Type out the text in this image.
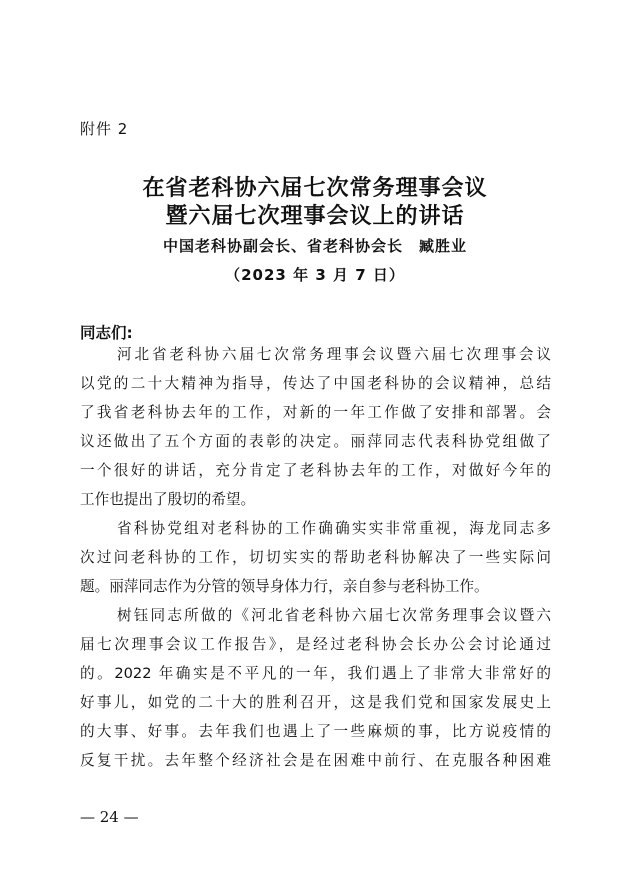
附件 2
在省老科协六届七次常务理事会议
暨六届七次理事会议上的讲话
中国老科协副会长、省老科协会长　臧胜业
（2023 年 3 月 7 日）
同志们:
河北省老科协六届七次常务理事会议暨六届七次理事会议
以党的二十大精神为指导，传达了中国老科协的会议精神，总结
了我省老科协去年的工作，对新的一年工作做了安排和部署。会
议还做出了五个方面的表彰的决定。丽萍同志代表科协党组做了
一个很好的讲话，充分肯定了老科协去年的工作，对做好今年的
工作也提出了殷切的希望。
省科协党组对老科协的工作确确实实非常重视，海龙同志多
次过问老科协的工作，切切实实的帮助老科协解决了一些实际问
题。丽萍同志作为分管的领导身体力行，亲自参与老科协工作。
树钰同志所做的《河北省老科协六届七次常务理事会议暨六
届七次理事会议工作报告》，是经过老科协会长办公会讨论通过
的。2022 年确实是不平凡的一年，我们遇上了非常大非常好的
好事儿，如党的二十大的胜利召开，这是我们党和国家发展史上
的大事、好事。去年我们也遇上了一些麻烦的事，比方说疫情的
反复干扰。去年整个经济社会是在困难中前行、在克服各种困难
— 24 —
